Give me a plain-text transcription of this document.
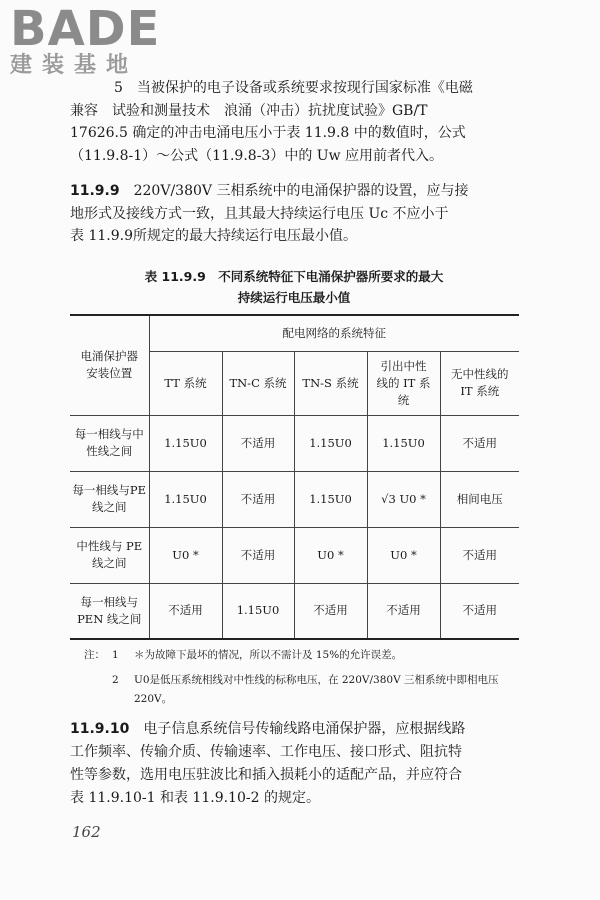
BADE
建装基地
5　当被保护的电子设备或系统要求按现行国家标准《电磁
兼容　试验和测量技术　浪涌（冲击）抗扰度试验》GB/T
17626.5 确定的冲击电涌电压小于表 11.9.8 中的数值时，公式
（11.9.8-1）～公式（11.9.8-3）中的 Uw 应用前者代入。
11.9.9　 220V/380V 三相系统中的电涌保护器的设置，应与接
地形式及接线方式一致，且其最大持续运行电压 Uc 不应小于
表 11.9.9所规定的最大持续运行电压最小值。
表 11.9.9　不同系统特征下电涌保护器所要求的最大
持续运行电压最小值
电涌保护器安装位置	配电网络的系统特征				
	TT 系统	TN-C 系统	TN-S 系统	引出中性线的 IT 系统	无中性线的 IT 系统
每一相线与中性线之间	1.15U0	不适用	1.15U0	1.15U0	不适用
每一相线与PE 线之间	1.15U0	不适用	1.15U0	√3 U0 *	相间电压
中性线与 PE 线之间	U0 *	不适用	U0 *	U0 *	不适用
每一相线与PEN 线之间	不适用	1.15U0	不适用	不适用	不适用
注： 1	＊为故障下最坏的情况，所以不需计及 15%的允许误差。
2	U0是低压系统相线对中性线的标称电压，在 220V/380V 三相系统中即相电压 220V。
11.9.10　 电子信息系统信号传输线路电涌保护器，应根据线路
工作频率、传输介质、传输速率、工作电压、接口形式、阻抗特
性等参数，选用电压驻波比和插入损耗小的适配产品，并应符合
表 11.9.10-1 和表 11.9.10-2 的规定。
162
